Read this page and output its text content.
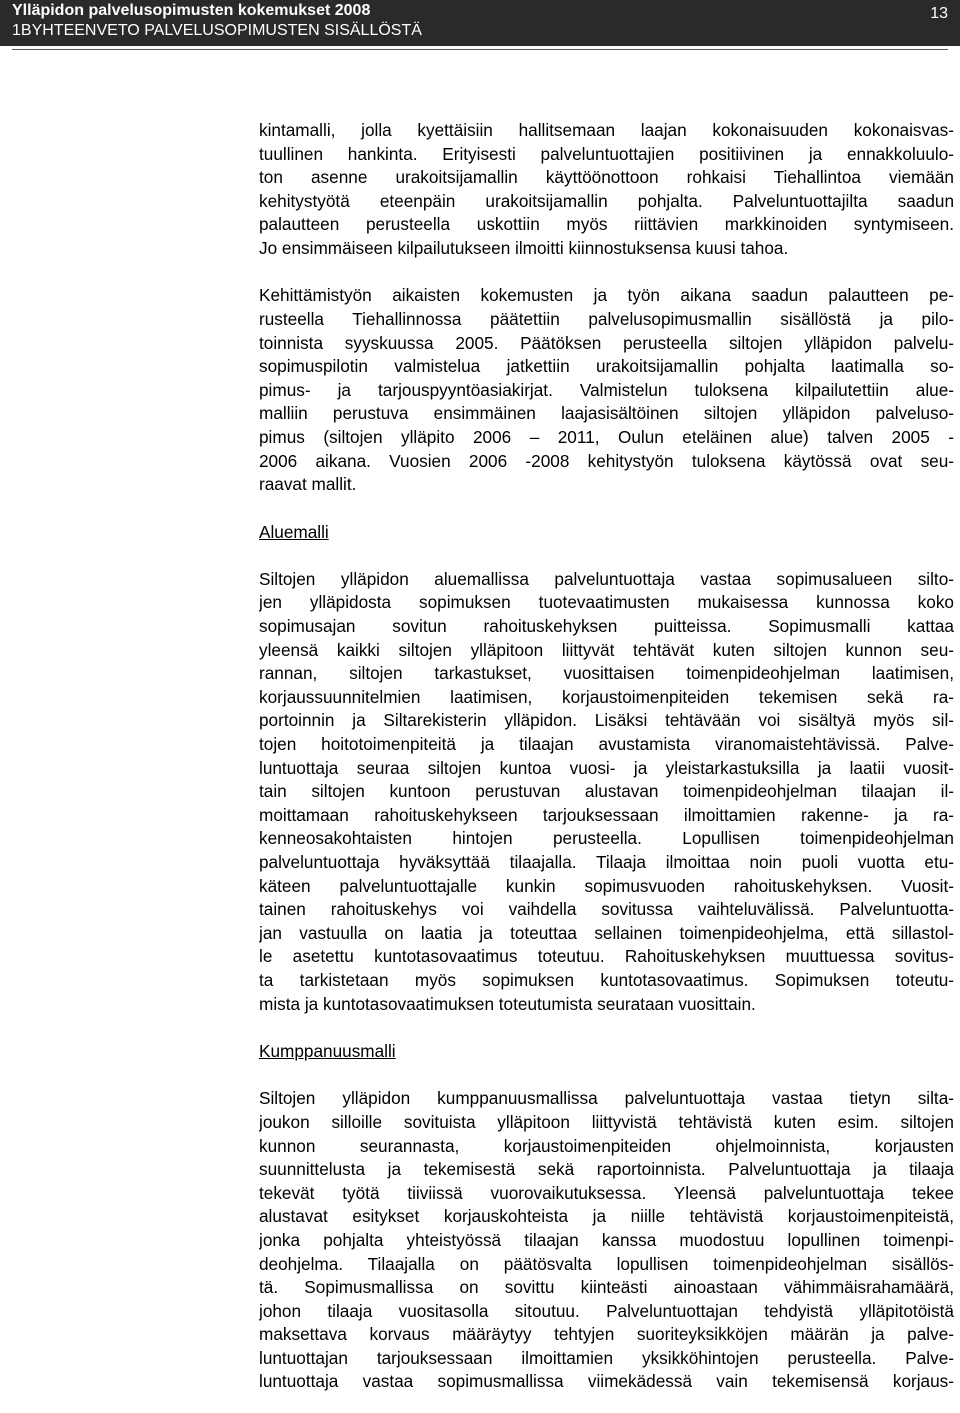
Ylläpidon palvelusopimusten kokemukset 2008
1BYHTEENVETO PALVELUSOPIMUSTEN SISÄLLÖSTÄ
13
kintamalli, jolla kyettäisiin hallitsemaan laajan kokonaisuuden kokonaisvas-
tuullinen hankinta. Erityisesti palveluntuottajien positiivinen ja ennakkoluulo-
ton asenne urakoitsijamallin käyttöönottoon rohkaisi Tiehallintoa viemään
kehitystyötä eteenpäin urakoitsijamallin pohjalta. Palveluntuottajilta saadun
palautteen perusteella uskottiin myös riittävien markkinoiden syntymiseen.
Jo ensimmäiseen kilpailutukseen ilmoitti kiinnostuksensa kuusi tahoa.
Kehittämistyön aikaisten kokemusten ja työn aikana saadun palautteen pe-
rusteella Tiehallinnossa päätettiin palvelusopimusmallin sisällöstä ja pilo-
toinnista syyskuussa 2005. Päätöksen perusteella siltojen ylläpidon palvelu-
sopimuspilotin valmistelua jatkettiin urakoitsijamallin pohjalta laatimalla so-
pimus- ja tarjouspyyntöasiakirjat. Valmistelun tuloksena kilpailutettiin alue-
malliin perustuva ensimmäinen laajasisältöinen siltojen ylläpidon palveluso-
pimus (siltojen ylläpito 2006 – 2011, Oulun eteläinen alue) talven 2005 -
2006 aikana. Vuosien 2006 -2008 kehitystyön tuloksena käytössä ovat seu-
raavat mallit.
Aluemalli
Siltojen ylläpidon aluemallissa palveluntuottaja vastaa sopimusalueen silto-
jen ylläpidosta sopimuksen tuotevaatimusten mukaisessa kunnossa koko
sopimusajan sovitun rahoituskehyksen puitteissa. Sopimusmalli kattaa
yleensä kaikki siltojen ylläpitoon liittyvät tehtävät kuten siltojen kunnon seu-
rannan, siltojen tarkastukset, vuosittaisen toimenpideohjelman laatimisen,
korjaussuunnitelmien laatimisen, korjaustoimenpiteiden tekemisen sekä ra-
portoinnin ja Siltarekisterin ylläpidon. Lisäksi tehtävään voi sisältyä myös sil-
tojen hoitotoimenpiteitä ja tilaajan avustamista viranomaistehtävissä. Palve-
luntuottaja seuraa siltojen kuntoa vuosi- ja yleistarkastuksilla ja laatii vuosit-
tain siltojen kuntoon perustuvan alustavan toimenpideohjelman tilaajan il-
moittamaan rahoituskehykseen tarjouksessaan ilmoittamien rakenne- ja ra-
kenneosakohtaisten hintojen perusteella. Lopullisen toimenpideohjelman
palveluntuottaja hyväksyttää tilaajalla. Tilaaja ilmoittaa noin puoli vuotta etu-
käteen palveluntuottajalle kunkin sopimusvuoden rahoituskehyksen. Vuosit-
tainen rahoituskehys voi vaihdella sovitussa vaihteluvälissä. Palveluntuotta-
jan vastuulla on laatia ja toteuttaa sellainen toimenpideohjelma, että sillastol-
le asetettu kuntotasovaatimus toteutuu. Rahoituskehyksen muuttuessa sovitus-
ta tarkistetaan myös sopimuksen kuntotasovaatimus. Sopimuksen toteutu-
mista ja kuntotasovaatimuksen toteutumista seurataan vuosittain.
Kumppanuusmalli
Siltojen ylläpidon kumppanuusmallissa palveluntuottaja vastaa tietyn silta-
joukon silloille sovituista ylläpitoon liittyvistä tehtävistä kuten esim. siltojen
kunnon seurannasta, korjaustoimenpiteiden ohjelmoinnista, korjausten
suunnittelusta ja tekemisestä sekä raportoinnista. Palveluntuottaja ja tilaaja
tekevät työtä tiiviissä vuorovaikutuksessa. Yleensä palveluntuottaja tekee
alustavat esitykset korjauskohteista ja niille tehtävistä korjaustoimenpiteistä,
jonka pohjalta yhteistyössä tilaajan kanssa muodostuu lopullinen toimenpi-
deohjelma. Tilaajalla on päätösvalta lopullisen toimenpideohjelman sisällös-
tä. Sopimusmallissa on sovittu kiinteästi ainoastaan vähimmäisrahamäärä,
johon tilaaja vuositasolla sitoutuu. Palveluntuottajan tehdyistä ylläpitotöistä
maksettava korvaus määräytyy tehtyjen suoriteyksikköjen määrän ja palve-
luntuottajan tarjouksessaan ilmoittamien yksikköhintojen perusteella. Palve-
luntuottaja vastaa sopimusmallissa viimekädessä vain tekemisensä korjaus-
